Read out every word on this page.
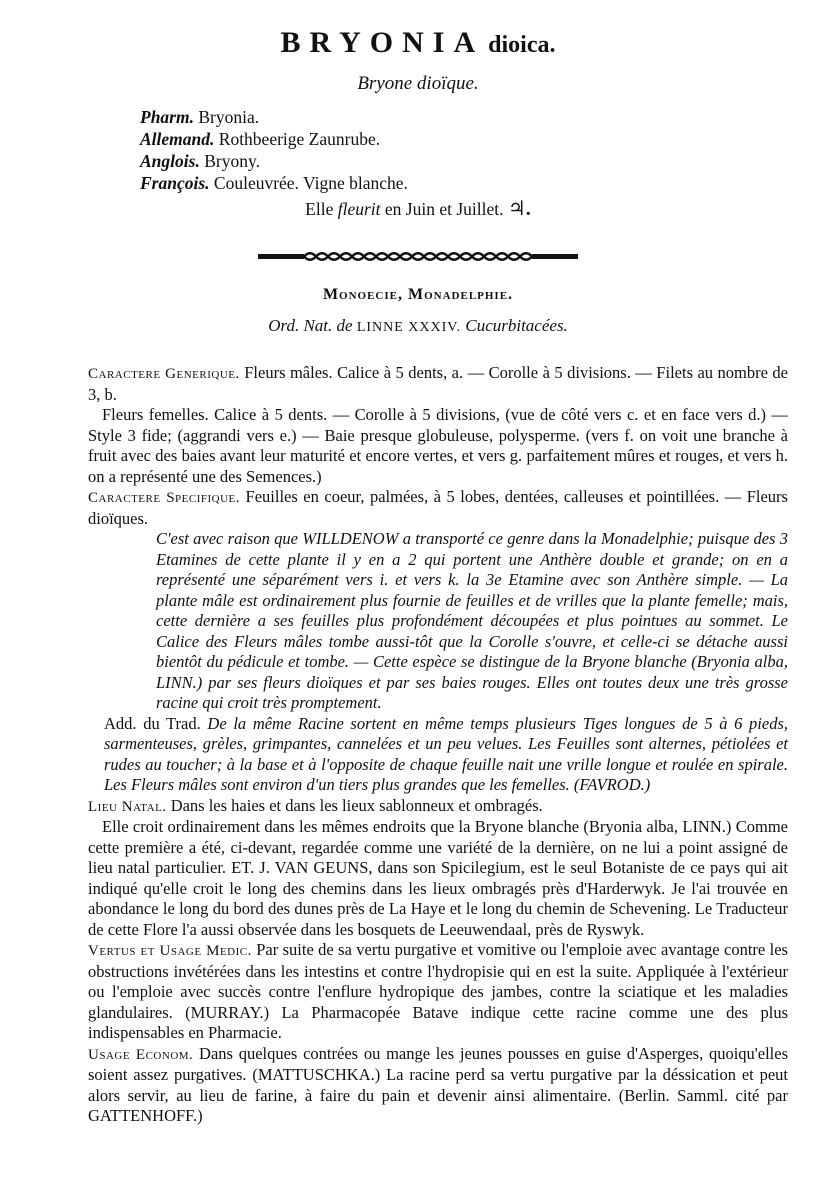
BRYONIA dioica.
Bryone dioïque.
Pharm. Bryonia.
Allemand. Rothbeerige Zaunrube.
Anglois. Bryony.
François. Couleuvrée. Vigne blanche.
Elle fleurit en Juin et Juillet. ♃.
Monoecie, Monadelphie.
Ord. Nat. de LINNE XXXIV. Cucurbitacées.

Caractere Generique. Fleurs mâles. Calice à 5 dents, a. — Corolle à 5 divisions. — Filets au nombre de 3, b.

Fleurs femelles. Calice à 5 dents. — Corolle à 5 divisions, (vue de côté vers c. et en face vers d.) — Style 3 fide; (aggrandi vers e.) — Baie presque globuleuse, polysperme. (vers f. on voit une branche à fruit avec des baies avant leur maturité et encore vertes, et vers g. parfaitement mûres et rouges, et vers h. on a représenté une des Semences.)

Caractere Specifique. Feuilles en coeur, palmées, à 5 lobes, dentées, calleuses et pointillées. — Fleurs dioïques.

C'est avec raison que WILLDENOW a transporté ce genre dans la Monadelphie; puisque des 3 Etamines de cette plante il y en a 2 qui portent une Anthère double et grande; on en a représenté une séparément vers i. et vers k. la 3e Etamine avec son Anthère simple. — La plante mâle est ordinairement plus fournie de feuilles et de vrilles que la plante femelle; mais, cette dernière a ses feuilles plus profondément découpées et plus pointues au sommet. Le Calice des Fleurs mâles tombe aussi-tôt que la Corolle s'ouvre, et celle-ci se détache aussi bientôt du pédicule et tombe. — Cette espèce se distingue de la Bryone blanche (Bryonia alba, LINN.) par ses fleurs dioïques et par ses baies rouges. Elles ont toutes deux une très grosse racine qui croit très promptement.

Add. du Trad. De la même Racine sortent en même temps plusieurs Tiges longues de 5 à 6 pieds, sarmenteuses, grèles, grimpantes, cannelées et un peu velues. Les Feuilles sont alternes, pétiolées et rudes au toucher; à la base et à l'opposite de chaque feuille nait une vrille longue et roulée en spirale. Les Fleurs mâles sont environ d'un tiers plus grandes que les femelles. (FAVROD.)

Lieu Natal. Dans les haies et dans les lieux sablonneux et ombragés.

Elle croit ordinairement dans les mêmes endroits que la Bryone blanche (Bryonia alba, LINN.) Comme cette première a été, ci-devant, regardée comme une variété de la dernière, on ne lui a point assigné de lieu natal particulier. ET. J. VAN GEUNS, dans son Spicilegium, est le seul Botaniste de ce pays qui ait indiqué qu'elle croit le long des chemins dans les lieux ombragés près d'Harderwyk. Je l'ai trouvée en abondance le long du bord des dunes près de La Haye et le long du chemin de Schevening. Le Traducteur de cette Flore l'a aussi observée dans les bosquets de Leeuwendaal, près de Ryswyk.

Vertus et Usage Medic. Par suite de sa vertu purgative et vomitive ou l'emploie avec avantage contre les obstructions invétérées dans les intestins et contre l'hydropisie qui en est la suite. Appliquée à l'extérieur ou l'emploie avec succès contre l'enflure hydropique des jambes, contre la sciatique et les maladies glandulaires. (MURRAY.) La Pharmacopée Batave indique cette racine comme une des plus indispensables en Pharmacie.

Usage Econom. Dans quelques contrées ou mange les jeunes pousses en guise d'Asperges, quoiqu'elles soient assez purgatives. (MATTUSCHKA.) La racine perd sa vertu purgative par la déssication et peut alors servir, au lieu de farine, à faire du pain et devenir ainsi alimentaire. (Berlin. Samml. cité par GATTENHOFF.)
